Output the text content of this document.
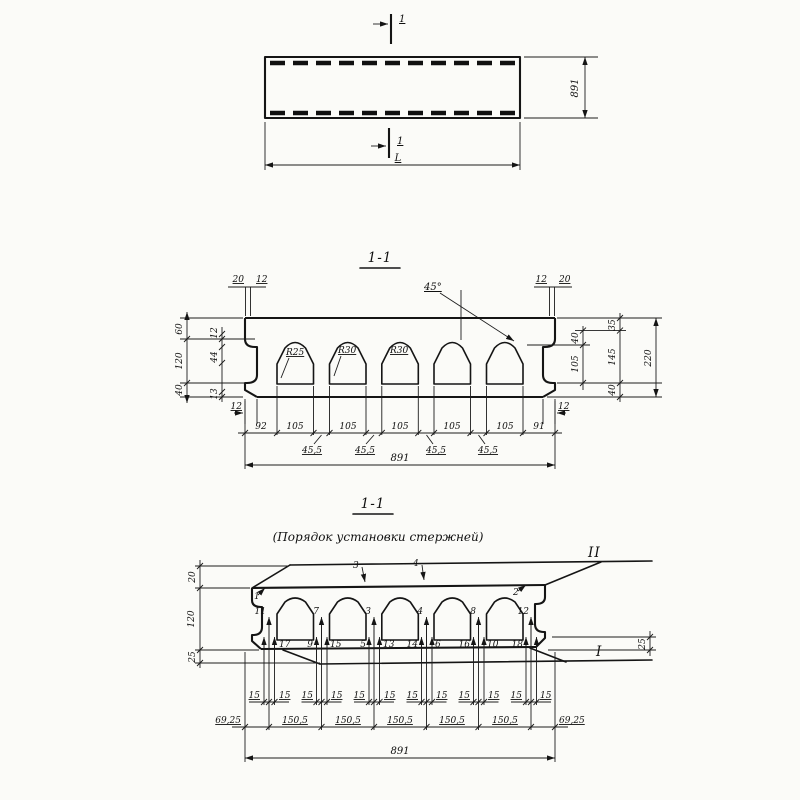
1
1
L
891
1-1
45°
R25	R30	R30
20 12	12 20
60
120
40
12
44
13
40
105
35
145
40
220
12	12
92 105	105	105	105	105 91
45,5	45,5	45,5	45,5
891
1-1
(Порядок установки стержней)
II
I
1	2
3	4
11	7	3	4	8	12
17 9 15 5 13 14 6 16 10 18
20
120
25
25
15 15 15 15 15 15 15 15 15 15 15 15
69,25	150,5	150,5	150,5	150,5	150,5	69,25
891
